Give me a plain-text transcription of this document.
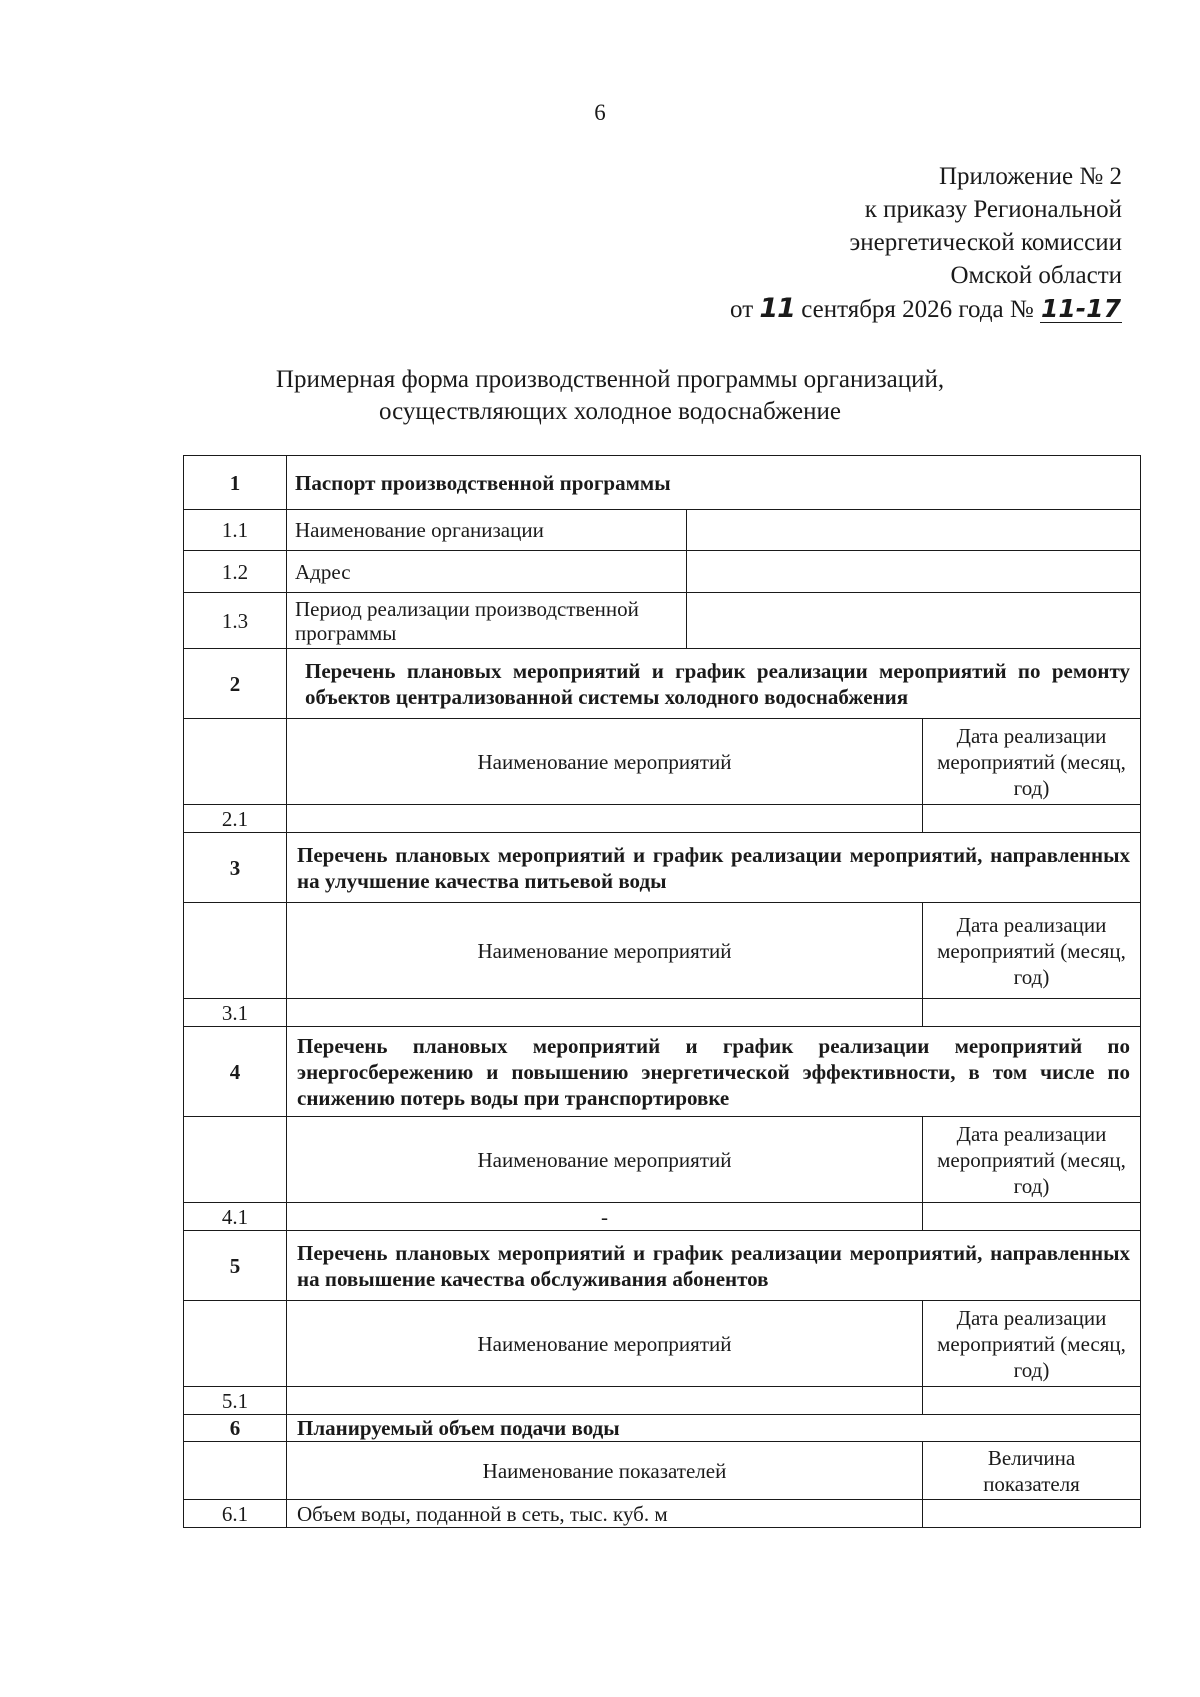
6
Приложение № 2
к приказу Региональной
энергетической комиссии
Омской области
от 11 сентября 2026 года № 11-17
Примерная форма производственной программы организаций,
осуществляющих холодное водоснабжение
1	Паспорт производственной программы		
1.1	Наименование организации		
1.2	Адрес		
1.3	Период реализации производственной программы		
2	Перечень плановых мероприятий и график реализации мероприятий по ремонту объектов централизованной системы холодного водоснабжения		
	Наименование мероприятий		Дата реализации мероприятий (месяц, год)
2.1			
3	Перечень плановых мероприятий и график реализации мероприятий, направленных на улучшение качества питьевой воды		
	Наименование мероприятий		Дата реализации мероприятий (месяц, год)
3.1			
4	Перечень плановых мероприятий и график реализации мероприятий по энергосбережению и повышению энергетической эффективности, в том числе по снижению потерь воды при транспортировке		
	Наименование мероприятий		Дата реализации мероприятий (месяц, год)
4.1	-		
5	Перечень плановых мероприятий и график реализации мероприятий, направленных на повышение качества обслуживания абонентов		
	Наименование мероприятий		Дата реализации мероприятий (месяц, год)
5.1			
6	Планируемый объем подачи воды		
	Наименование показателей		Величина показателя
6.1	Объем воды, поданной в сеть, тыс. куб. м		
